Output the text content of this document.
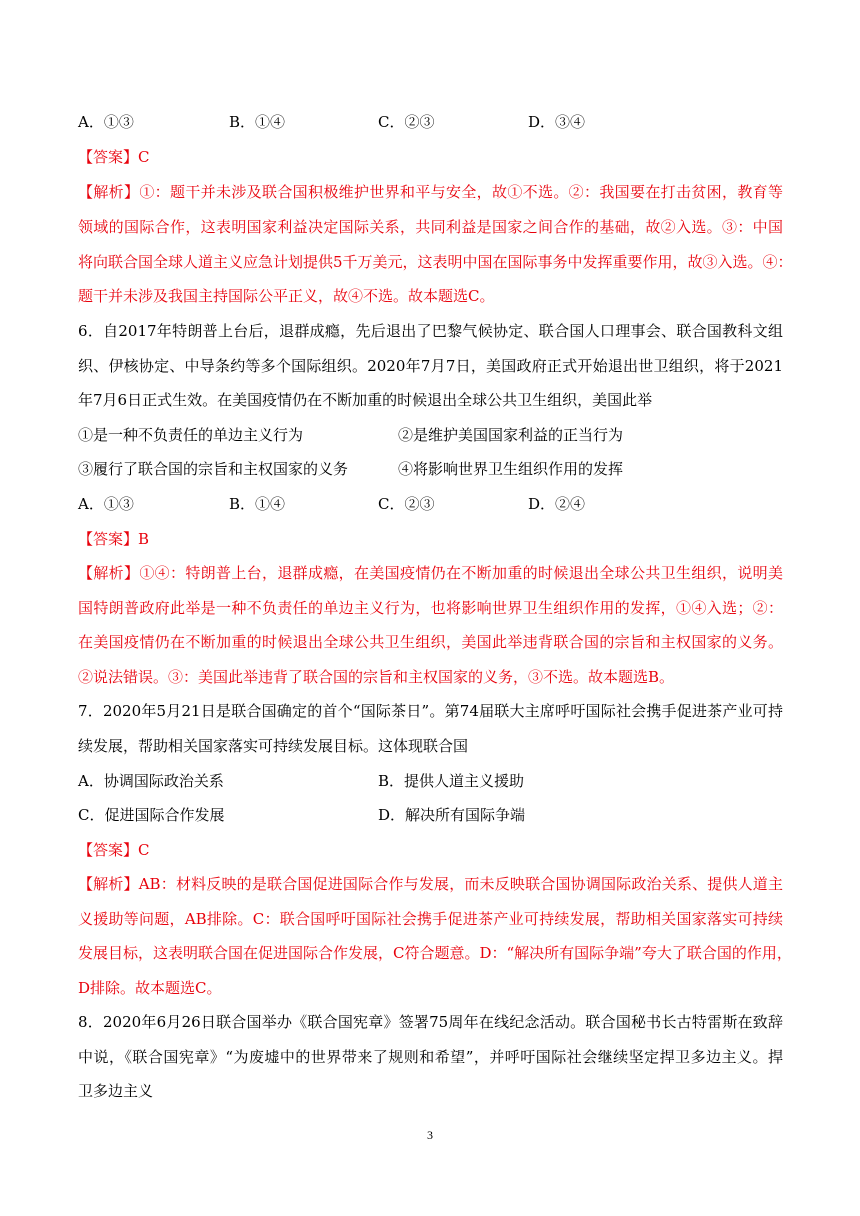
A．①③	B．①④	C．②③	D．③④
【答案】C
【解析】①：题干并未涉及联合国积极维护世界和平与安全，故①不选。②：我国要在打击贫困，教育等
领域的国际合作，这表明国家利益决定国际关系，共同利益是国家之间合作的基础，故②入选。③：中国
将向联合国全球人道主义应急计划提供5千万美元，这表明中国在国际事务中发挥重要作用，故③入选。④：
题干并未涉及我国主持国际公平正义，故④不选。故本题选C。
6．自2017年特朗普上台后，退群成瘾，先后退出了巴黎气候协定、联合国人口理事会、联合国教科文组
织、伊核协定、中导条约等多个国际组织。2020年7月7日，美国政府正式开始退出世卫组织，将于2021
年7月6日正式生效。在美国疫情仍在不断加重的时候退出全球公共卫生组织，美国此举
①是一种不负责任的单边主义行为	②是维护美国国家利益的正当行为
③履行了联合国的宗旨和主权国家的义务	④将影响世界卫生组织作用的发挥
A．①③	B．①④	C．②③	D．②④
【答案】B
【解析】①④：特朗普上台，退群成瘾，在美国疫情仍在不断加重的时候退出全球公共卫生组织，说明美
国特朗普政府此举是一种不负责任的单边主义行为，也将影响世界卫生组织作用的发挥，①④入选；②：
在美国疫情仍在不断加重的时候退出全球公共卫生组织，美国此举违背联合国的宗旨和主权国家的义务。
②说法错误。③：美国此举违背了联合国的宗旨和主权国家的义务，③不选。故本题选B。
7．2020年5月21日是联合国确定的首个“国际茶日”。第74届联大主席呼吁国际社会携手促进茶产业可持
续发展，帮助相关国家落实可持续发展目标。这体现联合国
A．协调国际政治关系	B．提供人道主义援助
C．促进国际合作发展	D．解决所有国际争端
【答案】C
【解析】AB：材料反映的是联合国促进国际合作与发展，而未反映联合国协调国际政治关系、提供人道主
义援助等问题，AB排除。C：联合国呼吁国际社会携手促进茶产业可持续发展，帮助相关国家落实可持续
发展目标，这表明联合国在促进国际合作发展，C符合题意。D：“解决所有国际争端”夸大了联合国的作用，
D排除。故本题选C。
8．2020年6月26日联合国举办《联合国宪章》签署75周年在线纪念活动。联合国秘书长古特雷斯在致辞
中说，《联合国宪章》“为废墟中的世界带来了规则和希望”，并呼吁国际社会继续坚定捍卫多边主义。捍
卫多边主义
3
